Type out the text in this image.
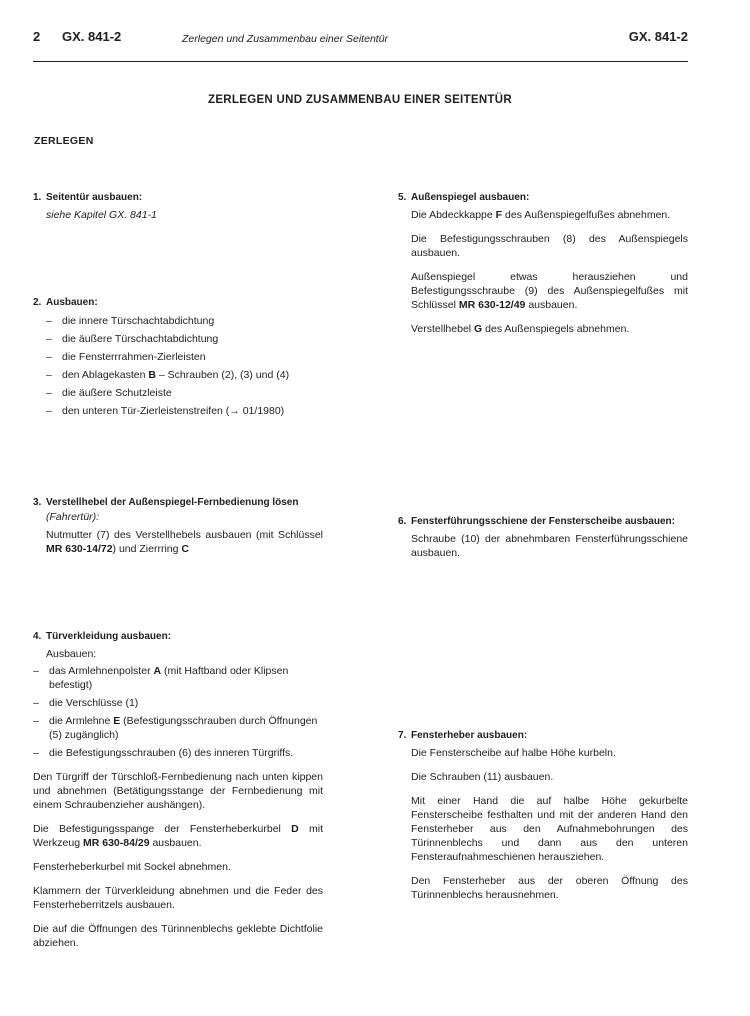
2 GX. 841-2	Zerlegen und Zusammenbau einer Seitentür	GX. 841-2
ZERLEGEN UND ZUSAMMENBAU EINER SEITENTÜR
ZERLEGEN

1. Seitentür ausbauen:

siehe Kapitel GX. 841-1

2. Ausbauen:

– die innere Türschachtabdichtung
– die äußere Türschachtabdichtung
– die Fensterrrahmen-Zierleisten
– den Ablagekasten B – Schrauben (2), (3) und (4)
– die äußere Schutzleiste
– den unteren Tür-Zierleistenstreifen (→ 01/1980)

3. Verstellhebel der Außenspiegel-Fernbedienung lösen

(Fahrertür):

Nutmutter (7) des Verstellhebels ausbauen (mit Schlüssel MR 630-14/72) und Zierrring C

4. Türverkleidung ausbauen:

Ausbauen:

– das Armlehnenpolster A (mit Haftband oder Klipsen befestigt)
– die Verschlüsse (1)
– die Armlehne E (Befestigungsschrauben durch Öffnungen (5) zugänglich)
– die Befestigungsschrauben (6) des inneren Türgriffs.

Den Türgriff der Türschloß-Fernbedienung nach unten kippen und abnehmen (Betätigungsstange der Fernbedienung mit einem Schraubenzieher aushängen).

Die Befestigungsspange der Fensterheberkurbel D mit Werkzeug MR 630-84/29 ausbauen.

Fensterheberkurbel mit Sockel abnehmen.

Klammern der Türverkleidung abnehmen und die Feder des Fensterheberritzels ausbauen.

Die auf die Öffnungen des Türinnenblechs geklebte Dichtfolie abziehen.

5. Außenspiegel ausbauen:

Die Abdeckkappe F des Außenspiegelfußes abnehmen.

Die Befestigungsschrauben (8) des Außenspiegels ausbauen.

Außenspiegel etwas herausziehen und Befestigungsschraube (9) des Außenspiegelfußes mit Schlüssel MR 630-12/49 ausbauen.

Verstellhebel G des Außenspiegels abnehmen.

6. Fensterführungsschiene der Fensterscheibe ausbauen:

Schraube (10) der abnehmbaren Fensterführungsschiene ausbauen.

7. Fensterheber ausbauen:

Die Fensterscheibe auf halbe Höhe kurbeln.

Die Schrauben (11) ausbauen.

Mit einer Hand die auf halbe Höhe gekurbelte Fensterscheibe festhalten und mit der anderen Hand den Fensterheber aus den Aufnahmebohrungen des Türinnenblechs und dann aus den unteren Fensteraufnahmeschienen herausziehen.

Den Fensterheber aus der oberen Öffnung des Türinnenblechs herausnehmen.
